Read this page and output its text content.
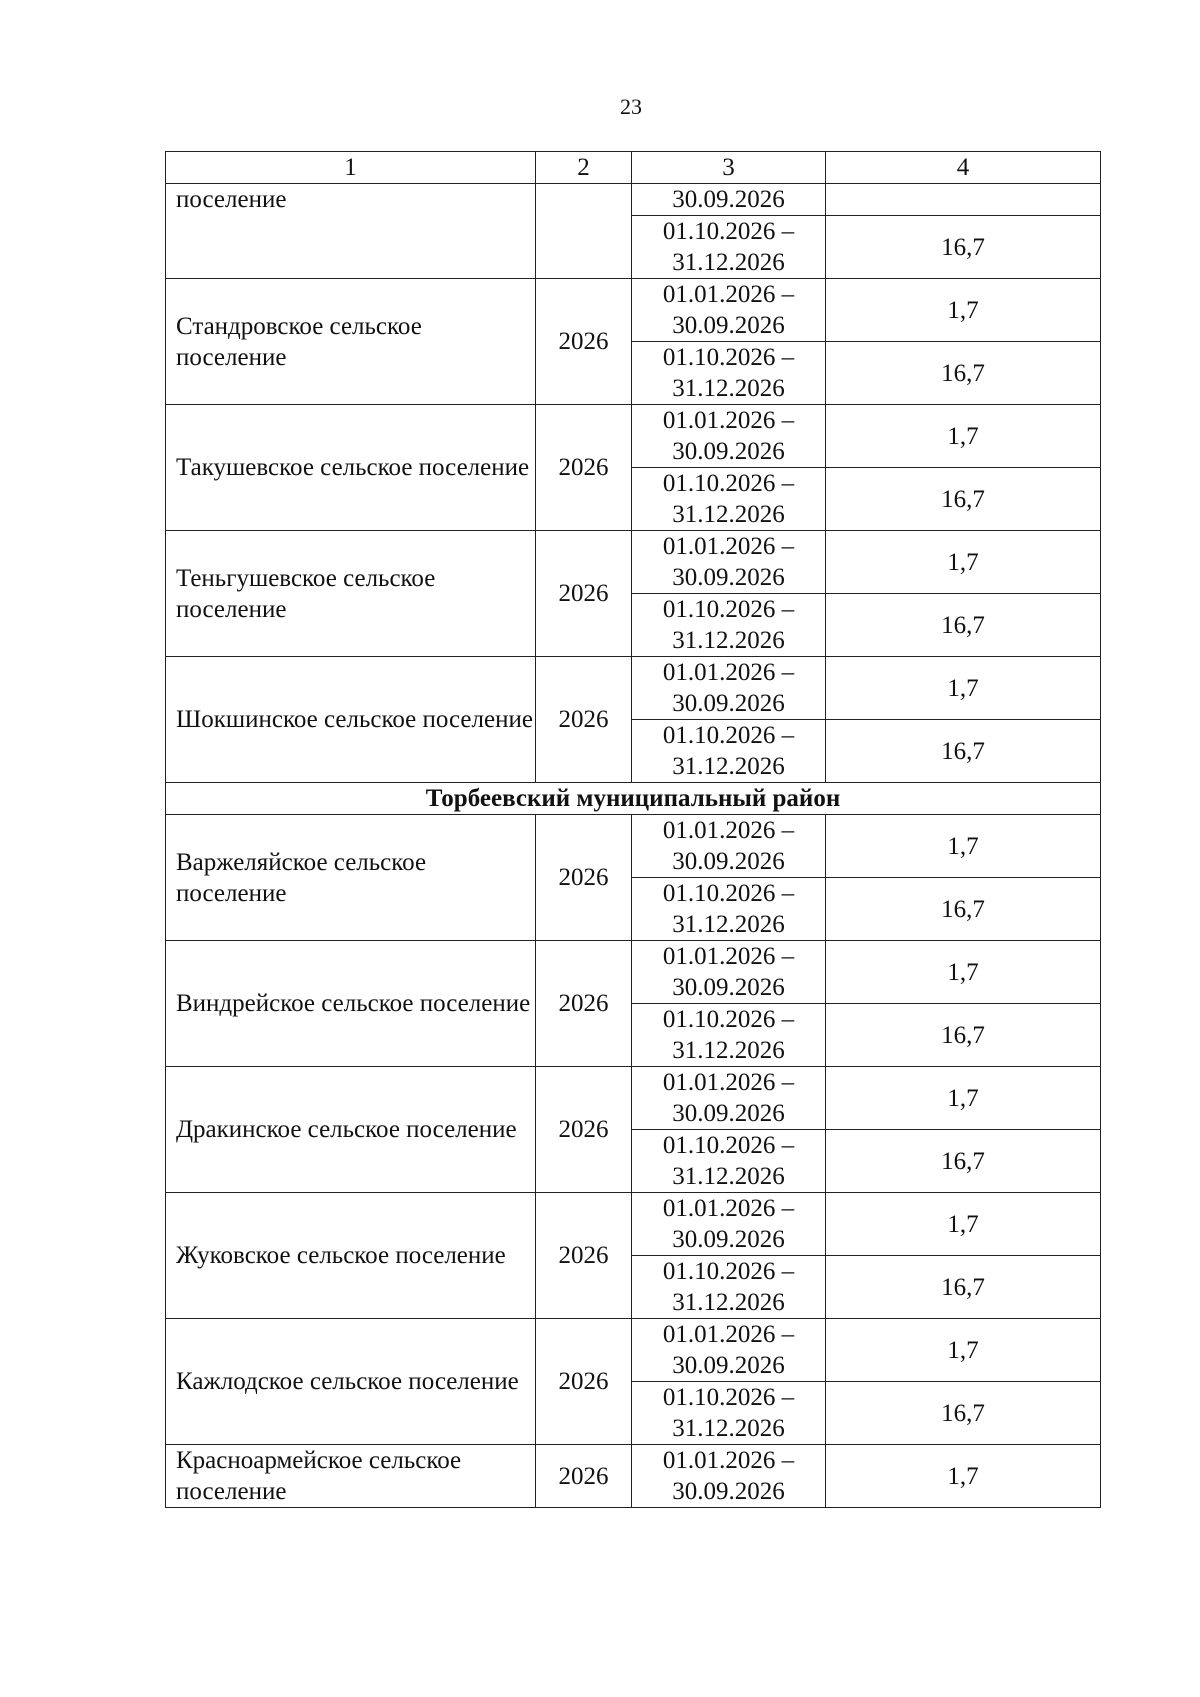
23
1	2	3	4
поселение		30.09.2026	
		01.10.2026 – 31.12.2026	16,7
Стандровское сельское поселение	2026	01.01.2026 – 30.09.2026	1,7
		01.10.2026 – 31.12.2026	16,7
Такушевское сельское поселение	2026	01.01.2026 – 30.09.2026	1,7
		01.10.2026 – 31.12.2026	16,7
Теньгушевское сельское поселение	2026	01.01.2026 – 30.09.2026	1,7
		01.10.2026 – 31.12.2026	16,7
Шокшинское сельское поселение	2026	01.01.2026 – 30.09.2026	1,7
		01.10.2026 – 31.12.2026	16,7
Торбеевский муниципальный район			
Варжеляйское сельское поселение	2026	01.01.2026 – 30.09.2026	1,7
		01.10.2026 – 31.12.2026	16,7
Виндрейское сельское поселение	2026	01.01.2026 – 30.09.2026	1,7
		01.10.2026 – 31.12.2026	16,7
Дракинское сельское поселение	2026	01.01.2026 – 30.09.2026	1,7
		01.10.2026 – 31.12.2026	16,7
Жуковское сельское поселение	2026	01.01.2026 – 30.09.2026	1,7
		01.10.2026 – 31.12.2026	16,7
Кажлодское сельское поселение	2026	01.01.2026 – 30.09.2026	1,7
		01.10.2026 – 31.12.2026	16,7
Красноармейское сельское поселение	2026	01.01.2026 – 30.09.2026	1,7
